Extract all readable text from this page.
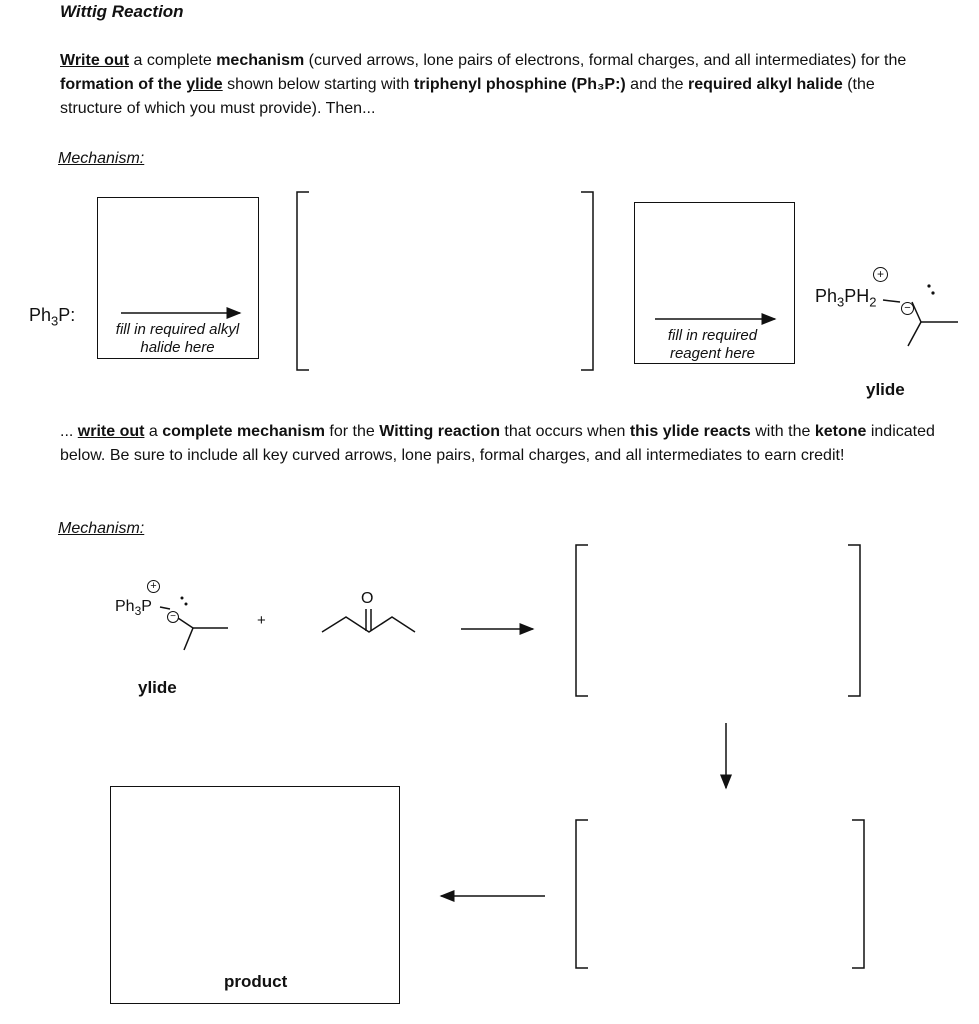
Wittig Reaction
Write out a complete mechanism (curved arrows, lone pairs of electrons, formal charges, and all intermediates) for the formation of the ylide shown below starting with triphenyl phosphine (Ph₃P:) and the required alkyl halide (the structure of which you must provide). Then...
Mechanism:
$Ph_3P$:
fill in required alkyl
halide here
fill in required
reagent here
$Ph_3PH_2$
+
−
ylide
... write out a complete mechanism for the Witting reaction that occurs when this ylide reacts with the ketone indicated below. Be sure to include all key curved arrows, lone pairs, formal charges, and all intermediates to earn credit!
Mechanism:
$Ph_3P$
+
−	+
O
ylide
product
